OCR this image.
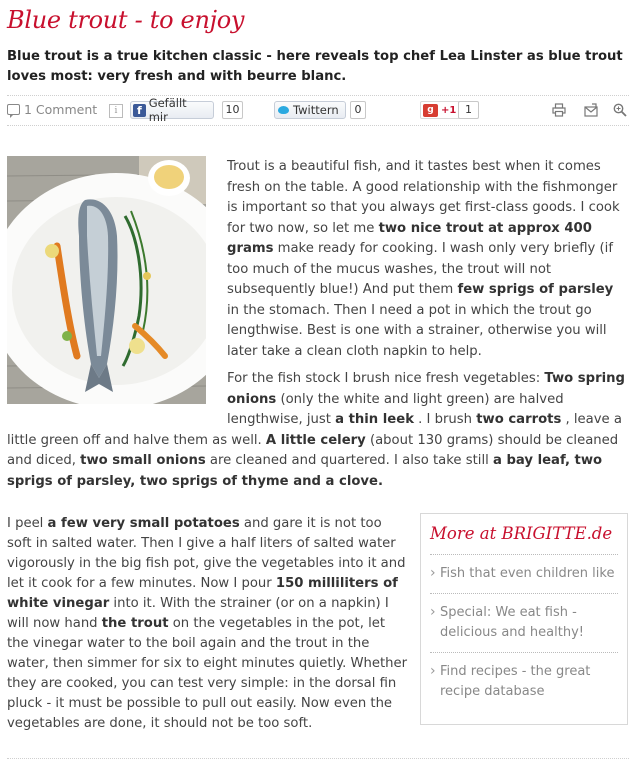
Blue trout - to enjoy

Blue trout is a true kitchen classic - here reveals top chef Lea Linster as blue trout loves most: very fresh and with beurre blanc.

1 Comment	i	f Gefällt mir
10	Twittern	0	g +1 1

Trout is a beautiful fish, and it tastes best when it comes fresh on the table. A good relationship with the fishmonger is important so that you always get first-class goods. I cook for two now, so let me two nice trout at approx 400 grams make ready for cooking. I wash only very briefly (if too much of the mucus washes, the trout will not subsequently blue!) And put them few sprigs of parsley in the stomach. Then I need a pot in which the trout go lengthwise. Best is one with a strainer, otherwise you will later take a clean cloth napkin to help.

For the fish stock I brush nice fresh vegetables: Two spring onions (only the white and light green) are halved lengthwise, just a thin leek . I brush two carrots , leave a little green off and halve them as well. A little celery (about 130 grams) should be cleaned and diced, two small onions are cleaned and quartered. I also take still a bay leaf, two sprigs of parsley, two sprigs of thyme and a clove.

I peel a few very small potatoes and gare it is not too soft in salted water. Then I give a half liters of salted water vigorously in the big fish pot, give the vegetables into it and let it cook for a few minutes. Now I pour 150 milliliters of white vinegar into it. With the strainer (or on a napkin) I will now hand the trout on the vegetables in the pot, let the vinegar water to the boil again and the trout in the water, then simmer for six to eight minutes quietly. Whether they are cooked, you can test very simple: in the dorsal fin pluck - it must be possible to pull out easily. Now even the vegetables are done, it should not be too soft.

More at BRIGITTE.de
› Fish that even children like
› Special: We eat fish - delicious and healthy!
› Find recipes - the great recipe database
